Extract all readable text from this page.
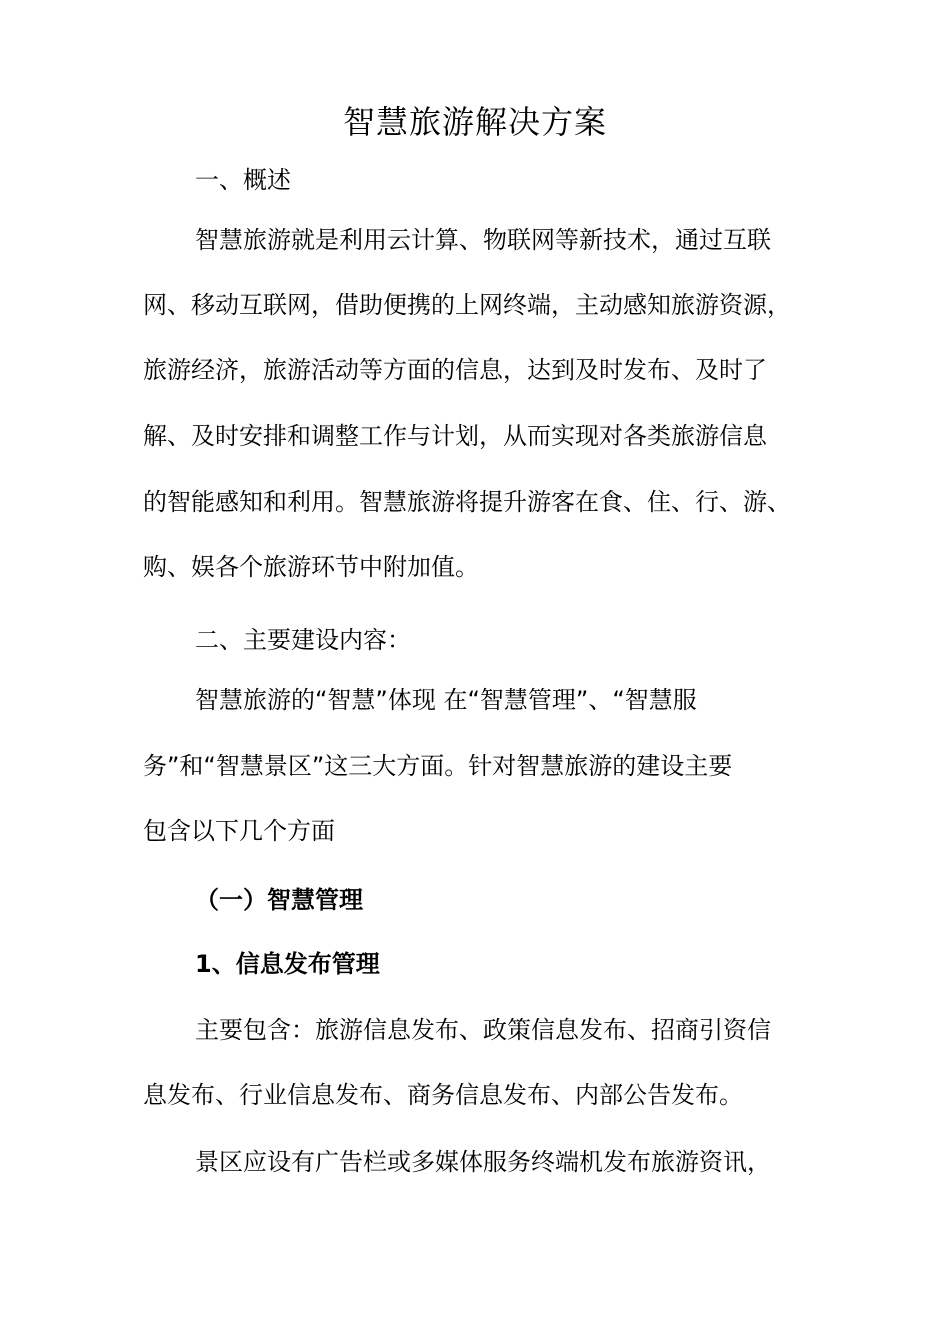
智慧旅游解决方案

一、概述

智慧旅游就是利用云计算、物联网等新技术，通过互联

网、移动互联网，借助便携的上网终端，主动感知旅游资源，

旅游经济，旅游活动等方面的信息，达到及时发布、及时了

解、及时安排和调整工作与计划，从而实现对各类旅游信息

的智能感知和利用。智慧旅游将提升游客在食、住、行、游、

购、娱各个旅游环节中附加值。

二、主要建设内容：

智慧旅游的“智慧”体现 在“智慧管理”、“智慧服

务”和“智慧景区”这三大方面。针对智慧旅游的建设主要

包含以下几个方面

（一）智慧管理

1、信息发布管理

主要包含：旅游信息发布、政策信息发布、招商引资信

息发布、行业信息发布、商务信息发布、内部公告发布。

景区应设有广告栏或多媒体服务终端机发布旅游资讯，
